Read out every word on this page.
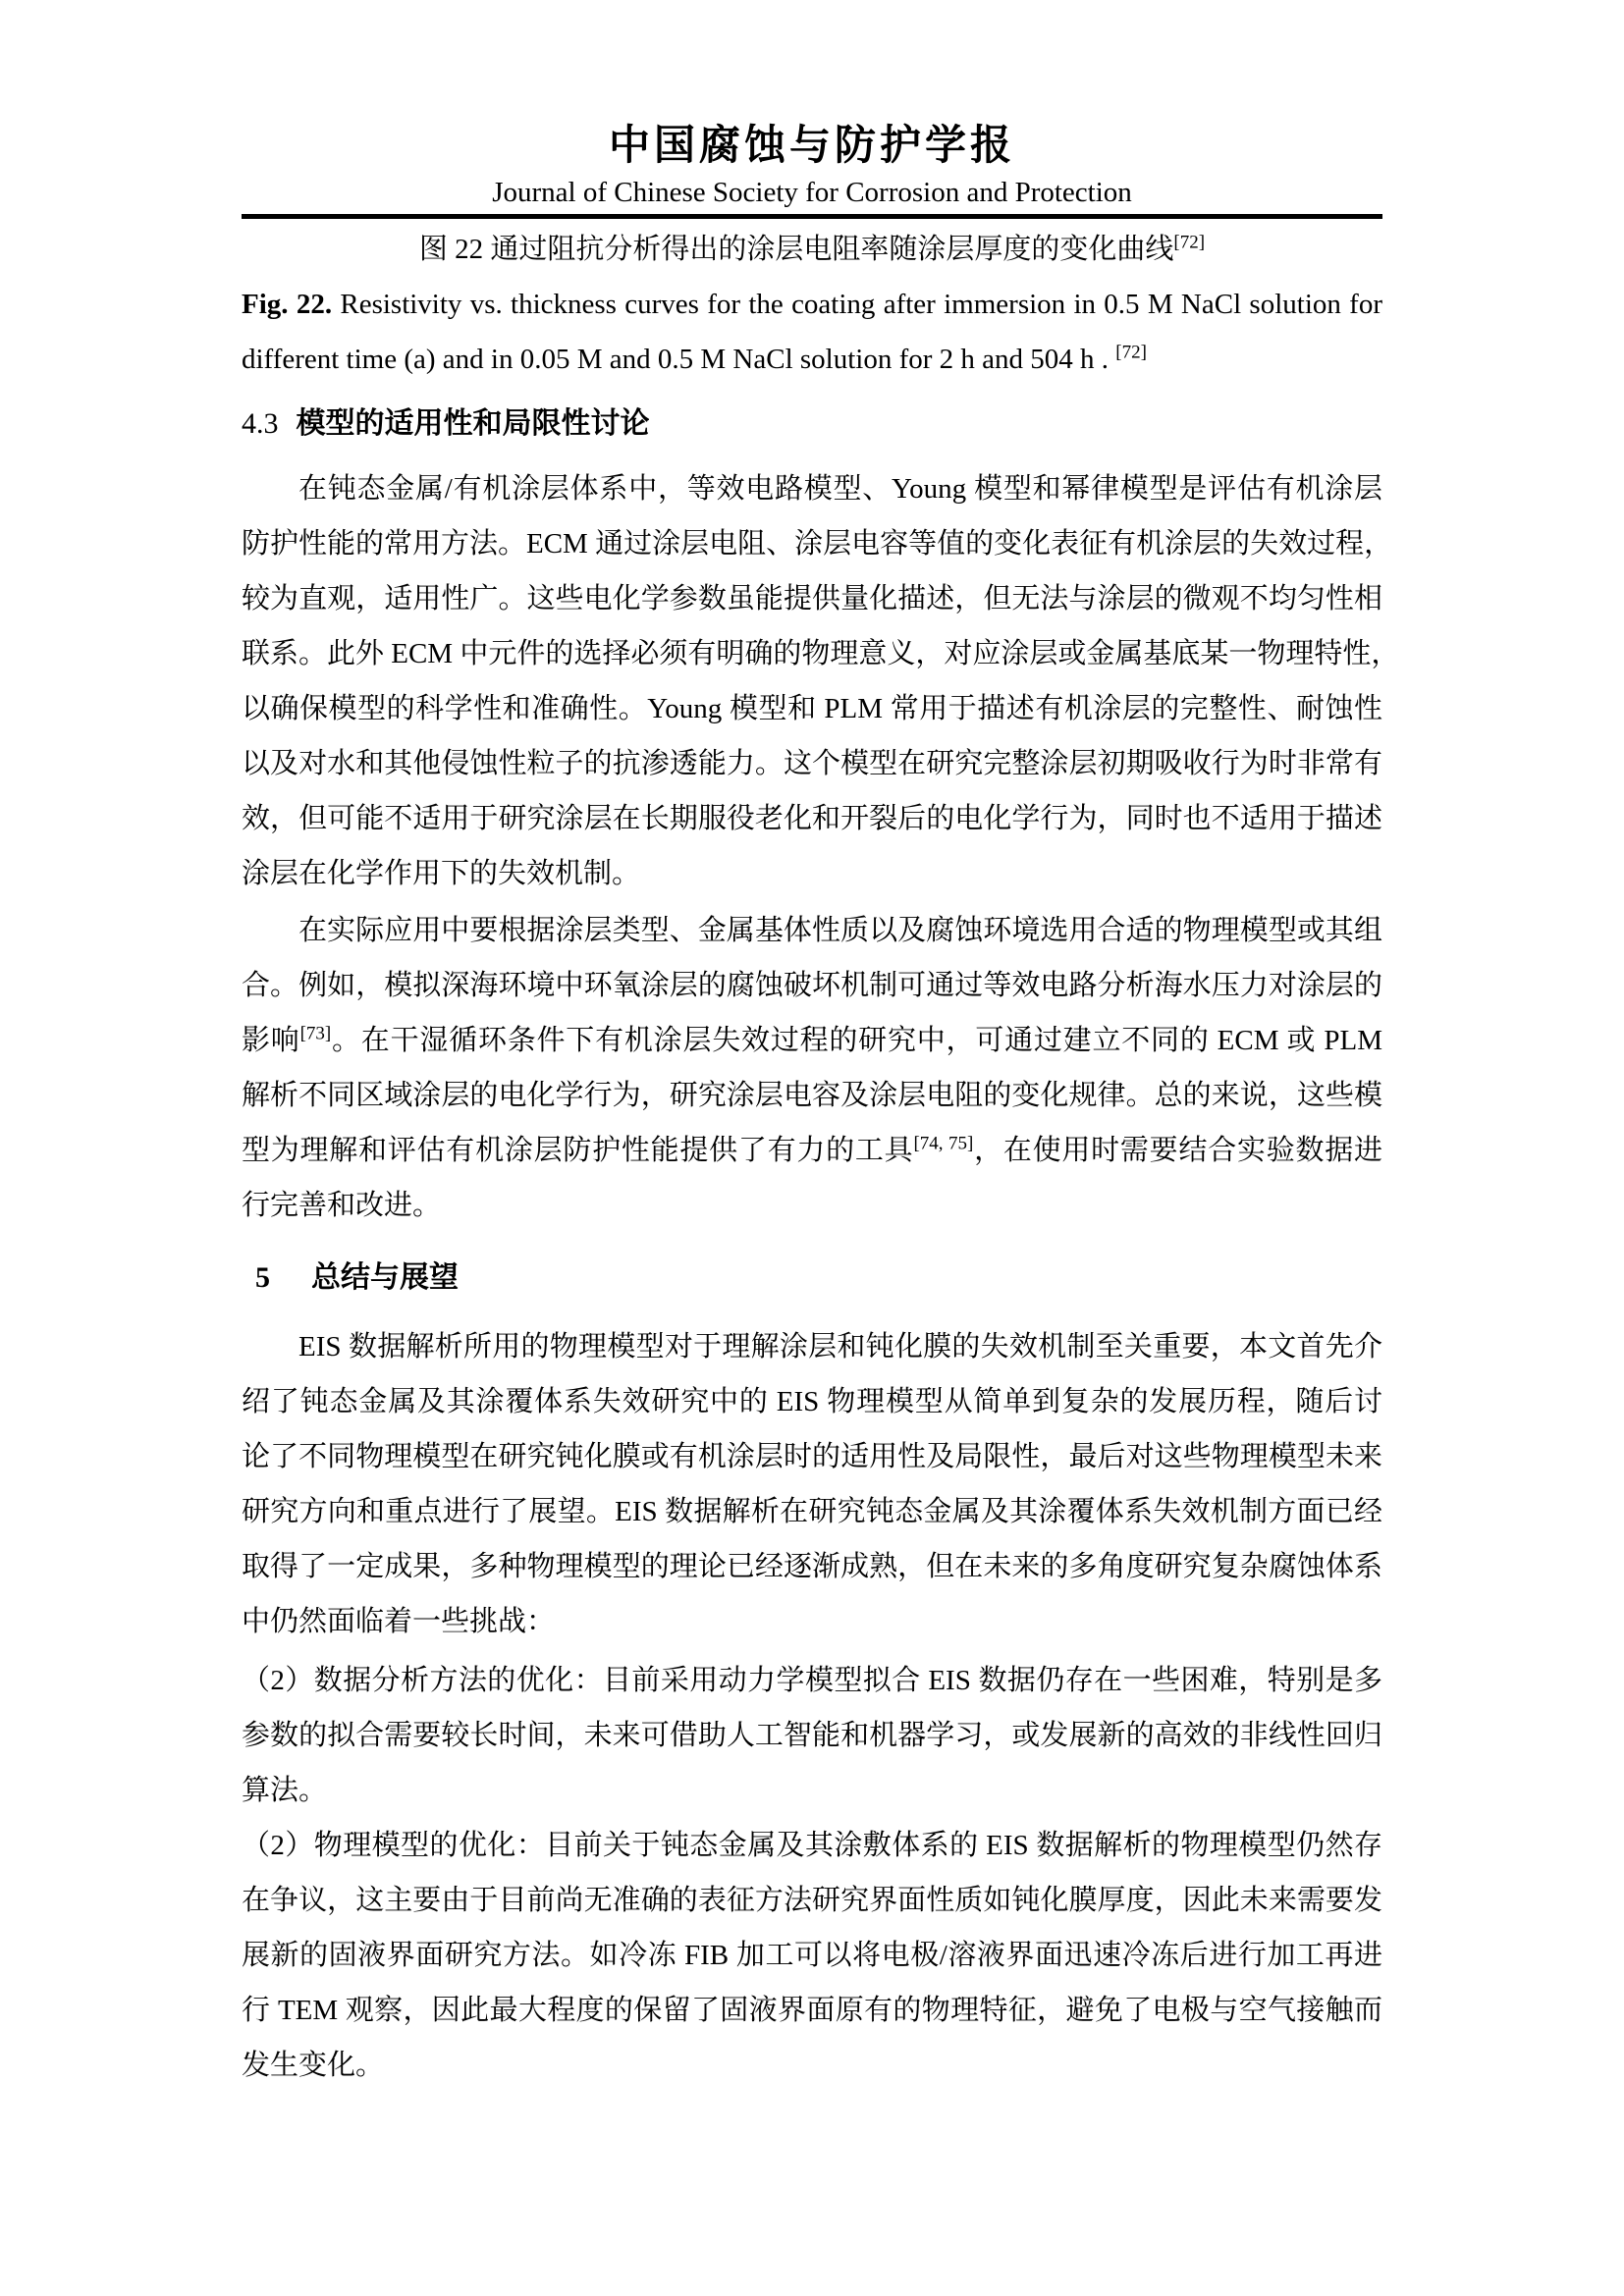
中国腐蚀与防护学报
Journal of Chinese Society for Corrosion and Protection
图 22 通过阻抗分析得出的涂层电阻率随涂层厚度的变化曲线[72]
Fig. 22. Resistivity vs. thickness curves for the coating after immersion in 0.5 M NaCl solution for
different time (a) and in 0.05 M and 0.5 M NaCl solution for 2 h and 504 h . [72]
4.3 模型的适用性和局限性讨论
在钝态金属/有机涂层体系中，等效电路模型、Young 模型和幂律模型是评估有机涂层
防护性能的常用方法。ECM 通过涂层电阻、涂层电容等值的变化表征有机涂层的失效过程，
较为直观，适用性广。这些电化学参数虽能提供量化描述，但无法与涂层的微观不均匀性相
联系。此外 ECM 中元件的选择必须有明确的物理意义，对应涂层或金属基底某一物理特性，
以确保模型的科学性和准确性。Young 模型和 PLM 常用于描述有机涂层的完整性、耐蚀性
以及对水和其他侵蚀性粒子的抗渗透能力。这个模型在研究完整涂层初期吸收行为时非常有
效，但可能不适用于研究涂层在长期服役老化和开裂后的电化学行为，同时也不适用于描述
涂层在化学作用下的失效机制。
在实际应用中要根据涂层类型、金属基体性质以及腐蚀环境选用合适的物理模型或其组
合。例如，模拟深海环境中环氧涂层的腐蚀破坏机制可通过等效电路分析海水压力对涂层的
影响[73]。在干湿循环条件下有机涂层失效过程的研究中，可通过建立不同的 ECM 或 PLM
解析不同区域涂层的电化学行为，研究涂层电容及涂层电阻的变化规律。总的来说，这些模
型为理解和评估有机涂层防护性能提供了有力的工具[74, 75]，在使用时需要结合实验数据进
行完善和改进。
5 总结与展望
EIS 数据解析所用的物理模型对于理解涂层和钝化膜的失效机制至关重要，本文首先介
绍了钝态金属及其涂覆体系失效研究中的 EIS 物理模型从简单到复杂的发展历程，随后讨
论了不同物理模型在研究钝化膜或有机涂层时的适用性及局限性，最后对这些物理模型未来
研究方向和重点进行了展望。EIS 数据解析在研究钝态金属及其涂覆体系失效机制方面已经
取得了一定成果，多种物理模型的理论已经逐渐成熟，但在未来的多角度研究复杂腐蚀体系
中仍然面临着一些挑战：
（2）数据分析方法的优化：目前采用动力学模型拟合 EIS 数据仍存在一些困难，特别是多
参数的拟合需要较长时间，未来可借助人工智能和机器学习，或发展新的高效的非线性回归
算法。
（2）物理模型的优化：目前关于钝态金属及其涂敷体系的 EIS 数据解析的物理模型仍然存
在争议，这主要由于目前尚无准确的表征方法研究界面性质如钝化膜厚度，因此未来需要发
展新的固液界面研究方法。如冷冻 FIB 加工可以将电极/溶液界面迅速冷冻后进行加工再进
行 TEM 观察，因此最大程度的保留了固液界面原有的物理特征，避免了电极与空气接触而
发生变化。
